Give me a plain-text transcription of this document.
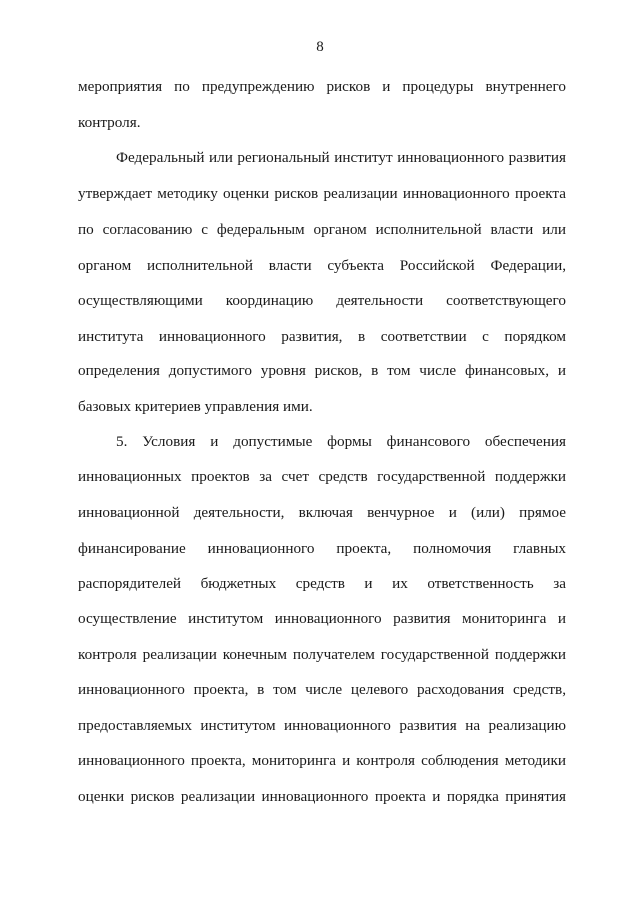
8
мероприятия по предупреждению рисков и процедуры внутреннего
контроля.
Федеральный или региональный институт инновационного развития
утверждает методику оценки рисков реализации инновационного проекта
по согласованию с федеральным органом исполнительной власти или
органом исполнительной власти субъекта Российской Федерации,
осуществляющими координацию деятельности соответствующего
института инновационного развития, в соответствии с порядком
определения допустимого уровня рисков, в том числе финансовых, и
базовых критериев управления ими.
5. Условия и допустимые формы финансового обеспечения
инновационных проектов за счет средств государственной поддержки
инновационной деятельности, включая венчурное и (или) прямое
финансирование инновационного проекта, полномочия главных
распорядителей бюджетных средств и их ответственность за
осуществление институтом инновационного развития мониторинга и
контроля реализации конечным получателем государственной поддержки
инновационного проекта, в том числе целевого расходования средств,
предоставляемых институтом инновационного развития на реализацию
инновационного проекта, мониторинга и контроля соблюдения методики
оценки рисков реализации инновационного проекта и порядка принятия
